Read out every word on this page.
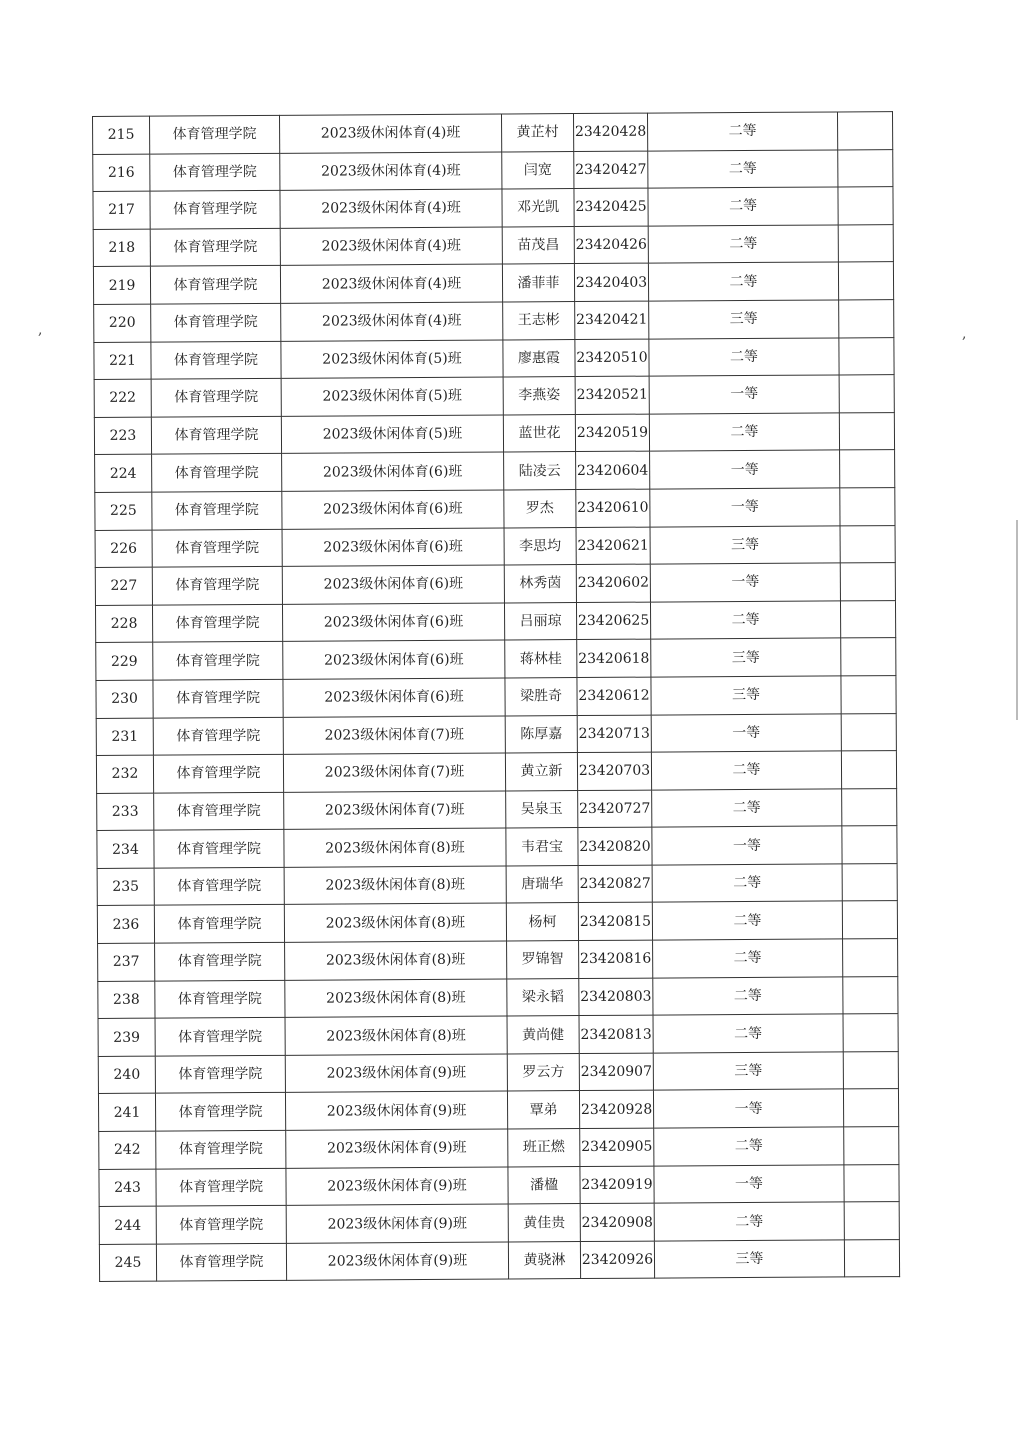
,	,
215	体育管理学院	2023级休闲体育(4)班	黄芷村	23420428	二等	
216	体育管理学院	2023级休闲体育(4)班	闫宽	23420427	二等	
217	体育管理学院	2023级休闲体育(4)班	邓光凯	23420425	二等	
218	体育管理学院	2023级休闲体育(4)班	苗茂昌	23420426	二等	
219	体育管理学院	2023级休闲体育(4)班	潘菲菲	23420403	二等	
220	体育管理学院	2023级休闲体育(4)班	王志彬	23420421	三等	
221	体育管理学院	2023级休闲体育(5)班	廖惠霞	23420510	二等	
222	体育管理学院	2023级休闲体育(5)班	李燕姿	23420521	一等	
223	体育管理学院	2023级休闲体育(5)班	蓝世花	23420519	二等	
224	体育管理学院	2023级休闲体育(6)班	陆凌云	23420604	一等	
225	体育管理学院	2023级休闲体育(6)班	罗杰	23420610	一等	
226	体育管理学院	2023级休闲体育(6)班	李思均	23420621	三等	
227	体育管理学院	2023级休闲体育(6)班	林秀茵	23420602	一等	
228	体育管理学院	2023级休闲体育(6)班	吕丽琼	23420625	二等	
229	体育管理学院	2023级休闲体育(6)班	蒋林桂	23420618	三等	
230	体育管理学院	2023级休闲体育(6)班	梁胜奇	23420612	三等	
231	体育管理学院	2023级休闲体育(7)班	陈厚嘉	23420713	一等	
232	体育管理学院	2023级休闲体育(7)班	黄立新	23420703	二等	
233	体育管理学院	2023级休闲体育(7)班	吴泉玉	23420727	二等	
234	体育管理学院	2023级休闲体育(8)班	韦君宝	23420820	一等	
235	体育管理学院	2023级休闲体育(8)班	唐瑞华	23420827	二等	
236	体育管理学院	2023级休闲体育(8)班	杨柯	23420815	二等	
237	体育管理学院	2023级休闲体育(8)班	罗锦智	23420816	二等	
238	体育管理学院	2023级休闲体育(8)班	梁永韬	23420803	二等	
239	体育管理学院	2023级休闲体育(8)班	黄尚健	23420813	二等	
240	体育管理学院	2023级休闲体育(9)班	罗云方	23420907	三等	
241	体育管理学院	2023级休闲体育(9)班	覃弟	23420928	一等	
242	体育管理学院	2023级休闲体育(9)班	班正燃	23420905	二等	
243	体育管理学院	2023级休闲体育(9)班	潘楹	23420919	一等	
244	体育管理学院	2023级休闲体育(9)班	黄佳贵	23420908	二等	
245	体育管理学院	2023级休闲体育(9)班	黄骁淋	23420926	三等	
